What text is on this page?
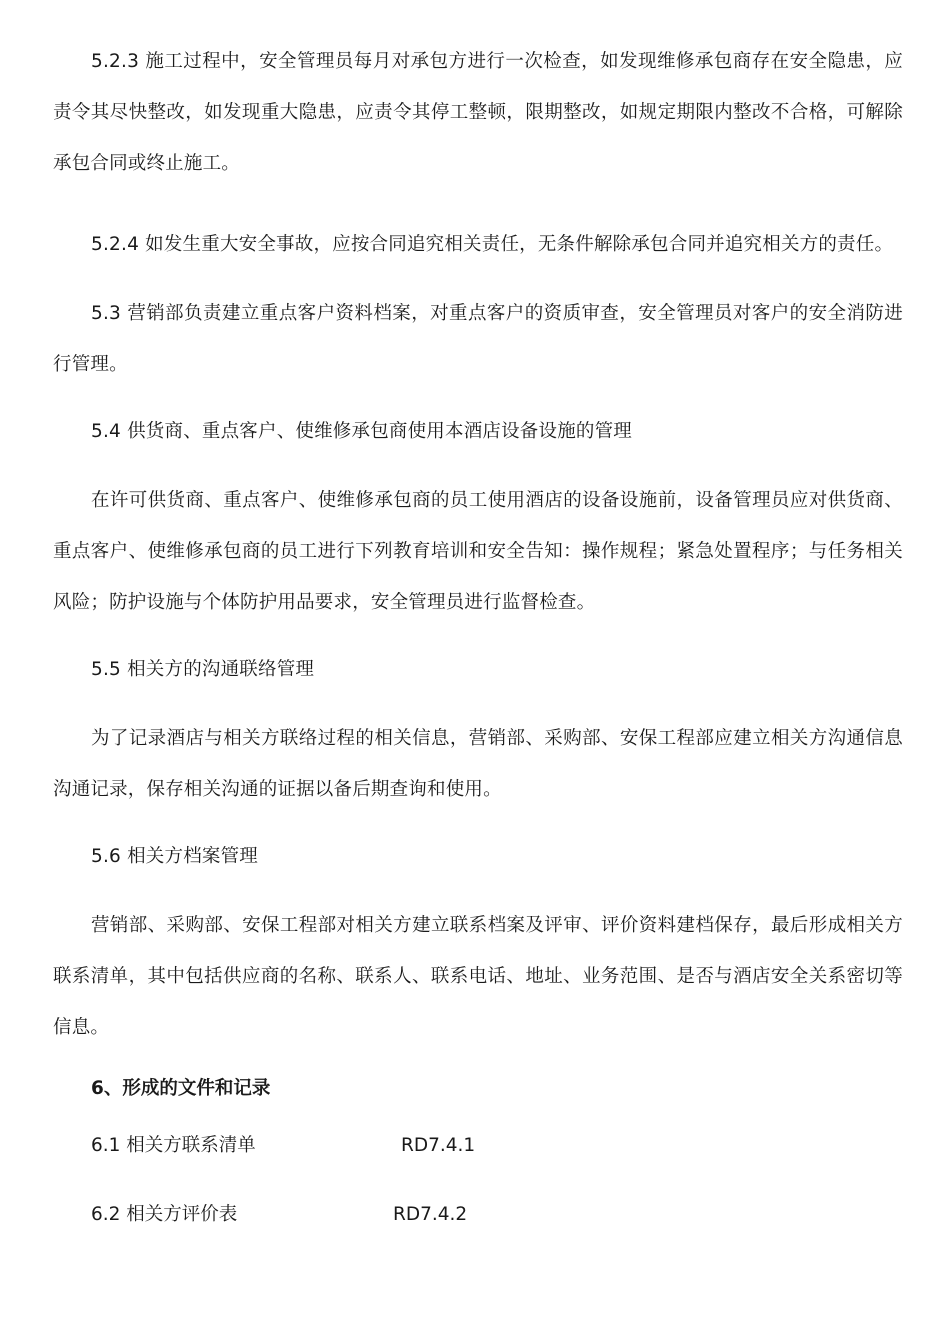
5.2.3 施工过程中，安全管理员每月对承包方进行一次检查，如发现维修承包商存在安全隐患，应责令其尽快整改，如发现重大隐患，应责令其停工整顿，限期整改，如规定期限内整改不合格，可解除承包合同或终止施工。

5.2.4 如发生重大安全事故，应按合同追究相关责任，无条件解除承包合同并追究相关方的责任。

5.3 营销部负责建立重点客户资料档案，对重点客户的资质审查，安全管理员对客户的安全消防进行管理。

5.4 供货商、重点客户、使维修承包商使用本酒店设备设施的管理

在许可供货商、重点客户、使维修承包商的员工使用酒店的设备设施前，设备管理员应对供货商、重点客户、使维修承包商的员工进行下列教育培训和安全告知：操作规程；紧急处置程序；与任务相关风险；防护设施与个体防护用品要求，安全管理员进行监督检查。

5.5 相关方的沟通联络管理

为了记录酒店与相关方联络过程的相关信息，营销部、采购部、安保工程部应建立相关方沟通信息沟通记录，保存相关沟通的证据以备后期查询和使用。

5.6 相关方档案管理

营销部、采购部、安保工程部对相关方建立联系档案及评审、评价资料建档保存，最后形成相关方联系清单，其中包括供应商的名称、联系人、联系电话、地址、业务范围、是否与酒店安全关系密切等信息。

6、形成的文件和记录

6.1 相关方联系清单	RD7.4.1
6.2 相关方评价表	RD7.4.2
